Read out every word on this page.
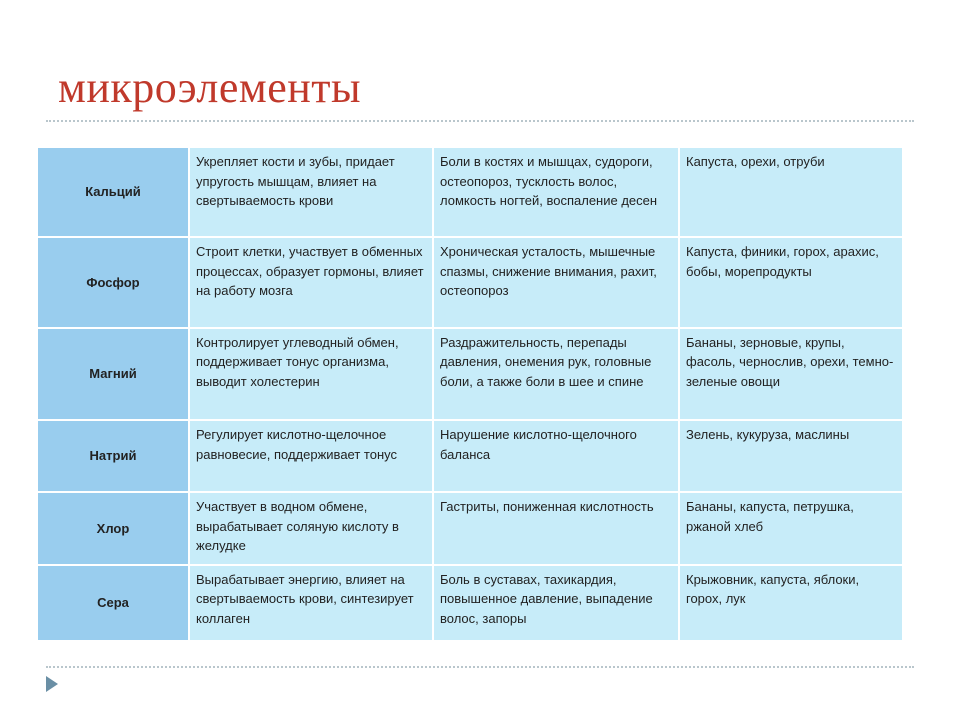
микроэлементы
Кальций	Укрепляет кости и зубы, придает упругость мышцам, влияет на свертываемость крови	Боли в костях и мышцах, судороги, остеопороз, тусклость волос, ломкость ногтей, воспаление десен	Капуста, орехи, отруби
Фосфор	Строит клетки, участвует в обменных процессах, образует гормоны, влияет на работу мозга	Хроническая усталость, мышечные спазмы, снижение внимания, рахит, остеопороз	Капуста, финики, горох, арахис, бобы, морепродукты
Магний	Контролирует углеводный обмен, поддерживает тонус организма, выводит холестерин	Раздражительность, перепады давления, онемения рук, головные боли, а также боли в шее и спине	Бананы, зерновые, крупы, фасоль, чернослив, орехи, темно-зеленые овощи
Натрий	Регулирует кислотно-щелочное равновесие, поддерживает тонус	Нарушение кислотно-щелочного баланса	Зелень, кукуруза, маслины
Хлор	Участвует в водном обмене, вырабатывает соляную кислоту в желудке	Гастриты, пониженная кислотность	Бананы, капуста, петрушка, ржаной хлеб
Сера	Вырабатывает энергию, влияет на свертываемость крови, синтезирует коллаген	Боль в суставах, тахикардия, повышенное давление, выпадение волос, запоры	Крыжовник, капуста, яблоки, горох, лук
